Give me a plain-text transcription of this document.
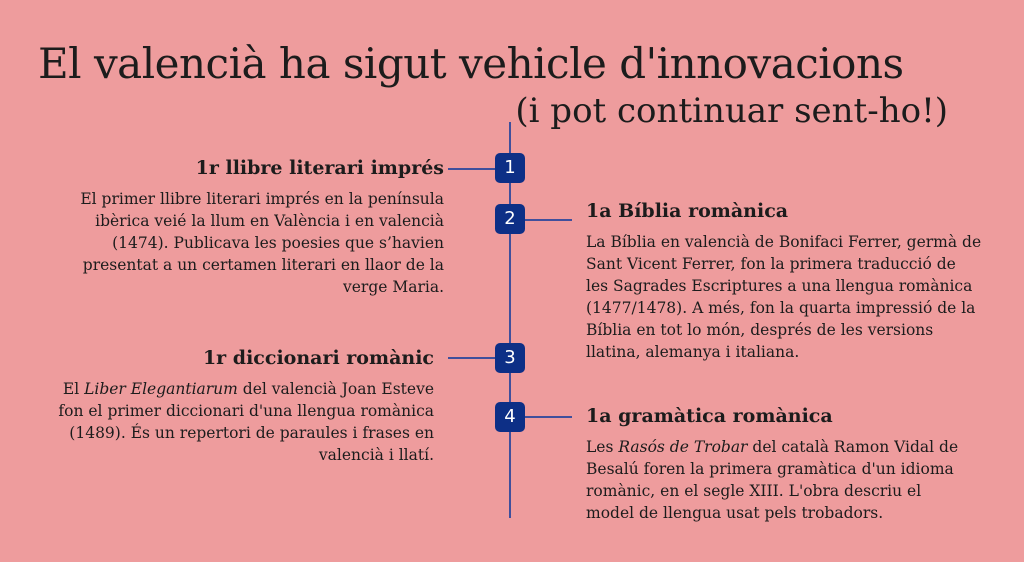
El valencià ha sigut vehicle d'innovacions
(i pot continuar sent-ho!)
1
1r llibre literari imprés

El primer llibre literari imprés en la península ibèrica veié la llum en València i en valencià (1474). Publicava les poesies que s’havien presentat a un certamen literari en llaor de la verge Maria.

2	1a Bíblia romànica

La Bíblia en valencià de Bonifaci Ferrer, germà de Sant Vicent Ferrer, fon la primera traducció de les Sagrades Escriptures a una llengua romànica (1477/1478). A més, fon la quarta impressió de la Bíblia en tot lo món, després de les versions llatina, alemanya i italiana.

3
1r diccionari romànic

El Liber Elegantiarum del valencià Joan Esteve fon el primer diccionari d'una llengua romànica (1489). És un repertori de paraules i frases en valencià i llatí.

4	1a gramàtica romànica

Les Rasós de Trobar del català Ramon Vidal de Besalú foren la primera gramàtica d'un idioma romànic, en el segle XIII. L'obra descriu el model de llengua usat pels trobadors.
